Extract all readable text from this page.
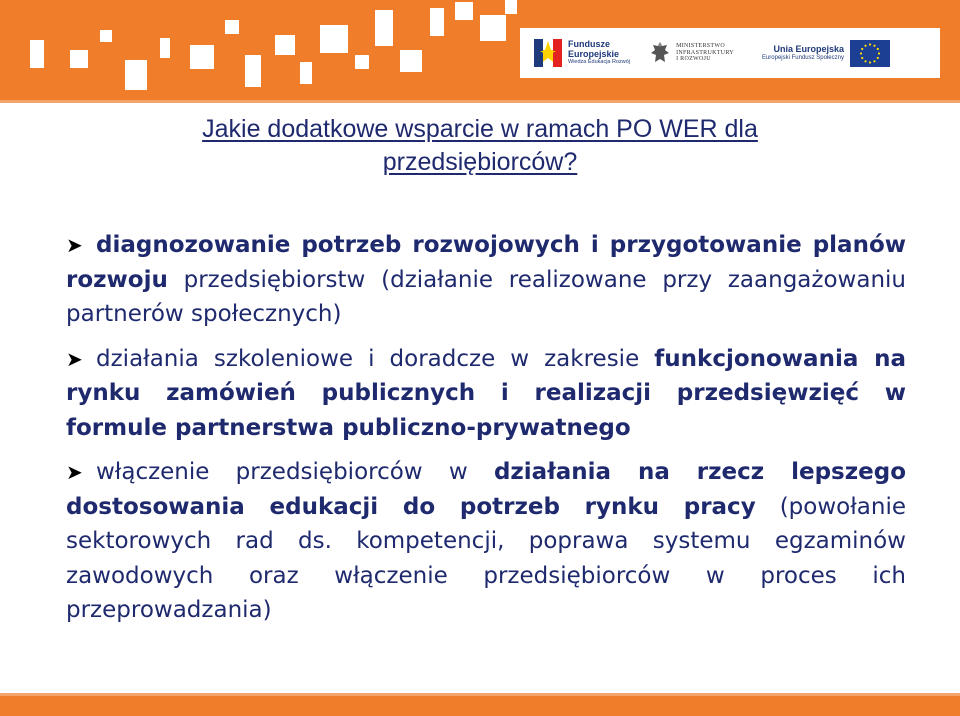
Fundusze
Europejskie
Wiedza Edukacja Rozwój
MINISTERSTWO
INFRASTRUKTURY
I ROZWOJU
Unia Europejska
Europejski Fundusz Społeczny
Jakie dodatkowe wsparcie w ramach PO WER dla
przedsiębiorców?

➤ diagnozowanie potrzeb rozwojowych i przygotowanie planów rozwoju przedsiębiorstw (działanie realizowane przy zaangażowaniu partnerów społecznych)

➤ działania szkoleniowe i doradcze w zakresie funkcjonowania na rynku zamówień publicznych i realizacji przedsięwzięć w formule partnerstwa publiczno-prywatnego

➤ włączenie przedsiębiorców w działania na rzecz lepszego dostosowania edukacji do potrzeb rynku pracy (powołanie sektorowych rad ds. kompetencji, poprawa systemu egzaminów zawodowych oraz włączenie przedsiębiorców w proces ich przeprowadzania)
